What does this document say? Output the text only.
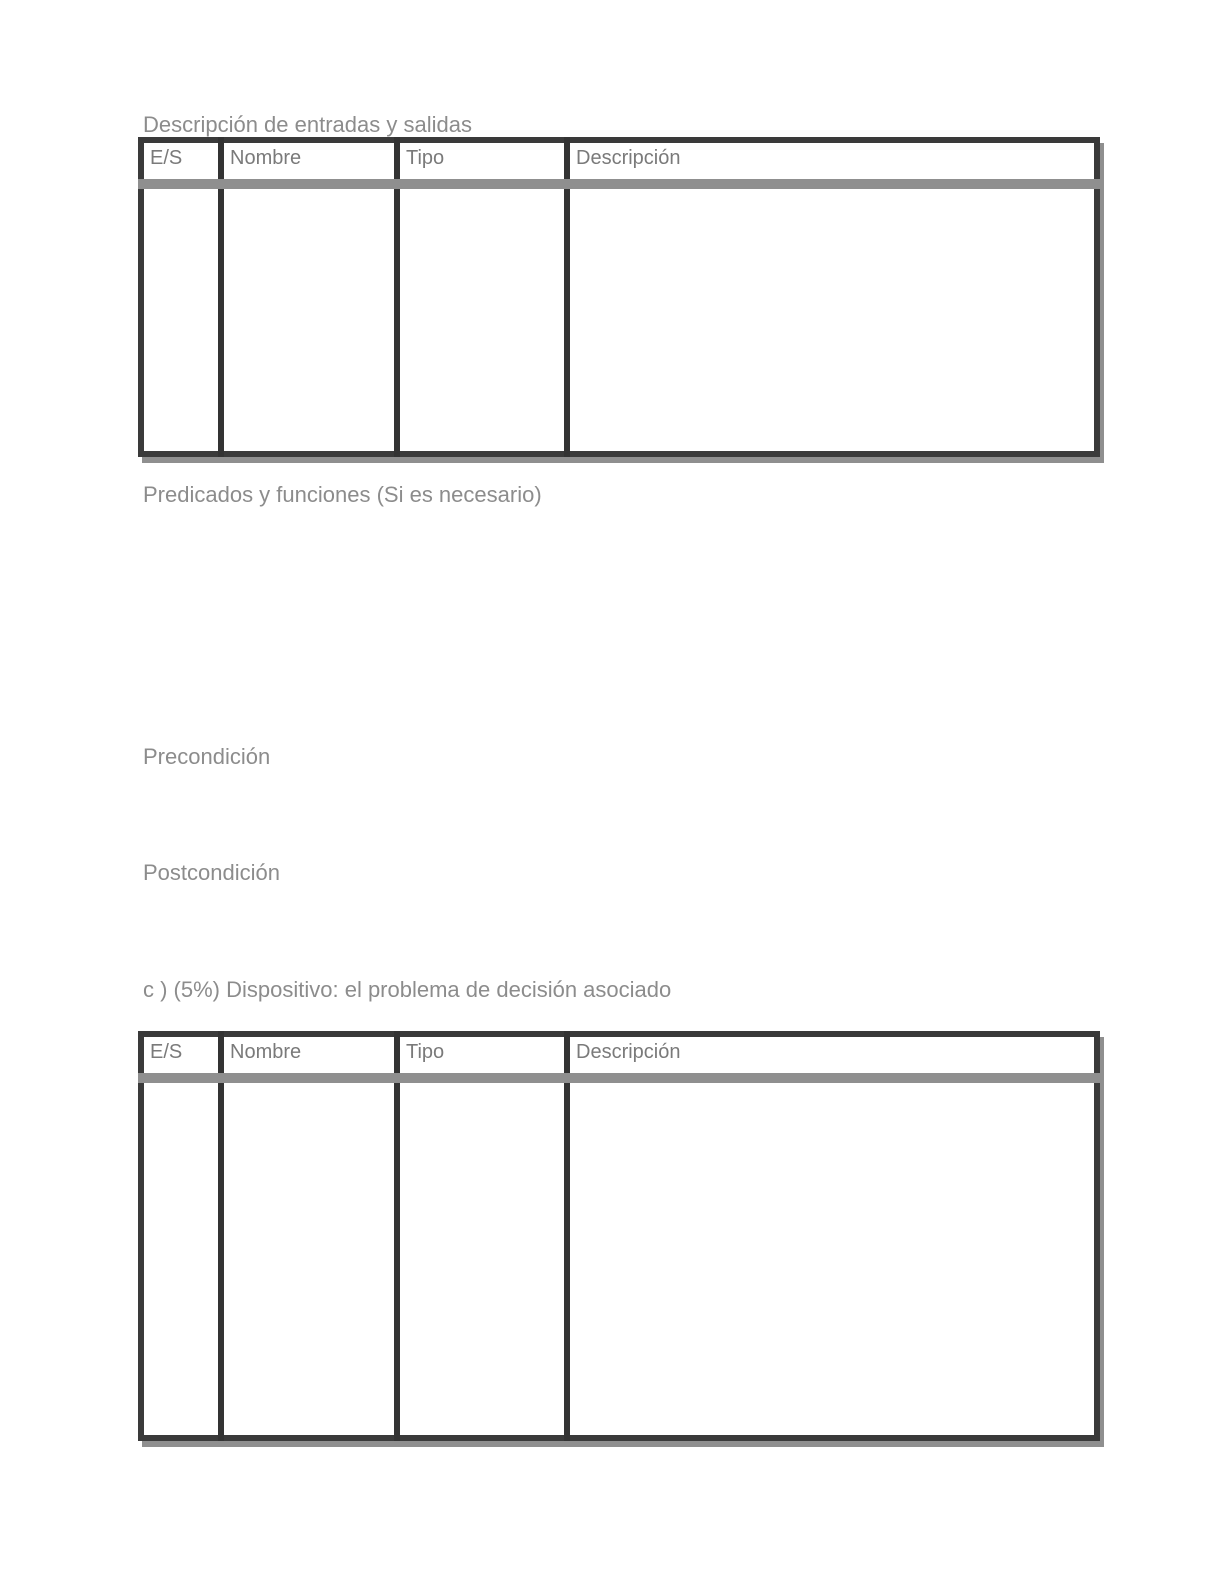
Descripción de entradas y salidas
E/S	Nombre	Tipo	Descripción

Predicados y funciones (Si es necesario)
Precondición
Postcondición
c ) (5%) Dispositivo: el problema de decisión asociado
E/S	Nombre	Tipo	Descripción
